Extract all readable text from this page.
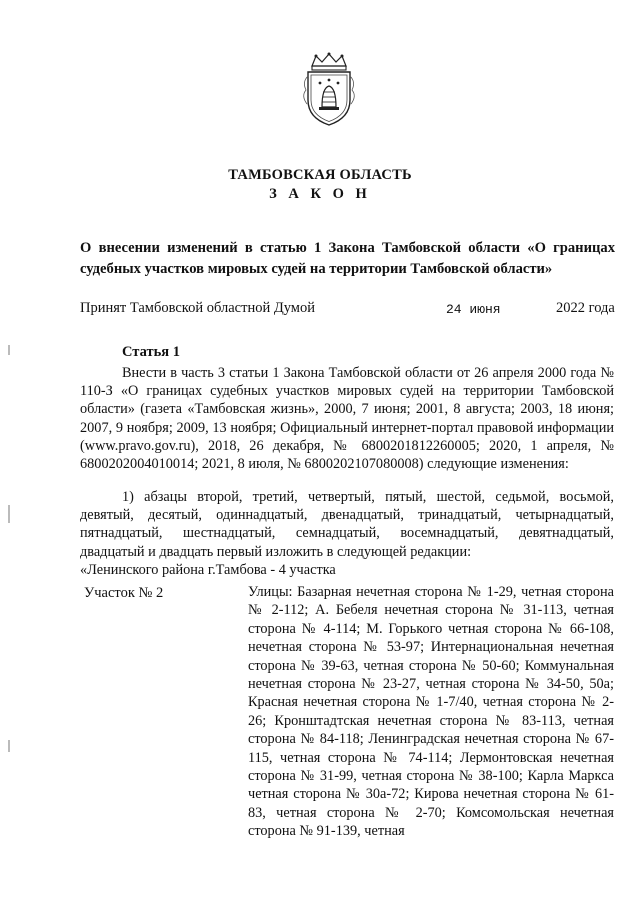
ТАМБОВСКАЯ ОБЛАСТЬ
З А К О Н
О внесении изменений в статью 1 Закона Тамбовской области «О границах судебных участков мировых судей на территории Тамбовской области»
Принят Тамбовской областной Думой	24 июня	2022 года
Статья 1
Внести в часть 3 статьи 1 Закона Тамбовской области от 26 апреля 2000 года № 110-З «О границах судебных участков мировых судей на территории Тамбовской области» (газета «Тамбовская жизнь», 2000, 7 июня; 2001, 8 августа; 2003, 18 июня; 2007, 9 ноября; 2009, 13 ноября; Официальный интернет-портал правовой информации (www.pravo.gov.ru), 2018, 26 декабря, № 6800201812260005; 2020, 1 апреля, № 6800202004010014; 2021, 8 июля, № 6800202107080008) следующие изменения:
1) абзацы второй, третий, четвертый, пятый, шестой, седьмой, восьмой, девятый, десятый, одиннадцатый, двенадцатый, тринадцатый, четырнадцатый, пятнадцатый, шестнадцатый, семнадцатый, восемнадцатый, девятнадцатый, двадцатый и двадцать первый изложить в следующей редакции:
«Ленинского района г.Тамбова - 4 участка
Участок № 2	Улицы: Базарная нечетная сторона № 1-29, четная сторона № 2-112; А. Бебеля нечетная сторона № 31-113, четная сторона № 4-114; М. Горького четная сторона № 66-108, нечетная сторона № 53-97; Интернациональная нечетная сторона № 39-63, четная сторона № 50-60; Коммунальная нечетная сторона № 23-27, четная сторона № 34-50, 50а; Красная нечетная сторона № 1-7/40, четная сторона № 2-26; Кронштадтская нечетная сторона № 83-113, четная сторона № 84-118; Ленинградская нечетная сторона № 67-115, четная сторона № 74-114; Лермонтовская нечетная сторона № 31-99, четная сторона № 38-100; Карла Маркса четная сторона № 30а-72; Кирова нечетная сторона № 61-83, четная сторона № 2-70; Комсомольская нечетная сторона № 91-139, четная
